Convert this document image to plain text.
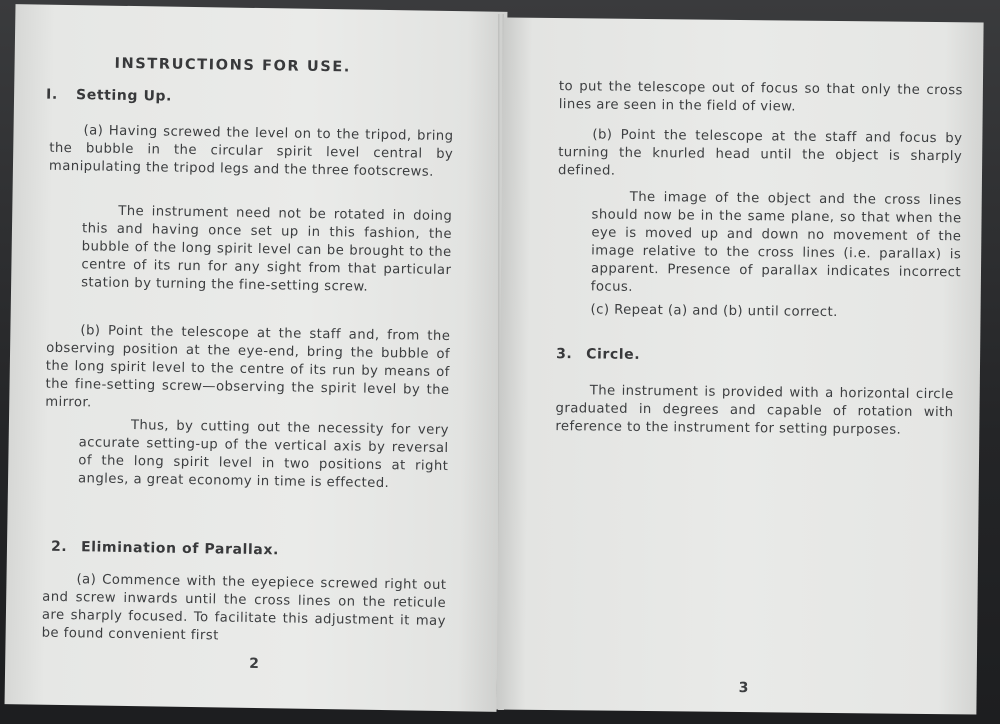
INSTRUCTIONS FOR USE.
I. Setting Up.

(a) Having screwed the level on to the tripod, bring the bubble in the circular spirit level central by manipulating the tripod legs and the three footscrews.

The instrument need not be rotated in doing this and having once set up in this fashion, the bubble of the long spirit level can be brought to the centre of its run for any sight from that particular station by turning the fine-setting screw.

(b) Point the telescope at the staff and, from the observing position at the eye-end, bring the bubble of the long spirit level to the centre of its run by means of the fine-setting screw—observing the spirit level by the mirror.

Thus, by cutting out the necessity for very accurate setting-up of the vertical axis by reversal of the long spirit level in two positions at right angles, a great economy in time is effected.

2. Elimination of Parallax.

(a) Commence with the eyepiece screwed right out and screw inwards until the cross lines on the reticule are sharply focused. To facilitate this adjustment it may be found convenient first

2

to put the telescope out of focus so that only the cross lines are seen in the field of view.

(b) Point the telescope at the staff and focus by turning the knurled head until the object is sharply defined.

The image of the object and the cross lines should now be in the same plane, so that when the eye is moved up and down no movement of the image relative to the cross lines (i.e. parallax) is apparent. Presence of parallax indicates incorrect focus.

(c) Repeat (a) and (b) until correct.

3. Circle.

The instrument is provided with a horizontal circle graduated in degrees and capable of rotation with reference to the instrument for setting purposes.

3
